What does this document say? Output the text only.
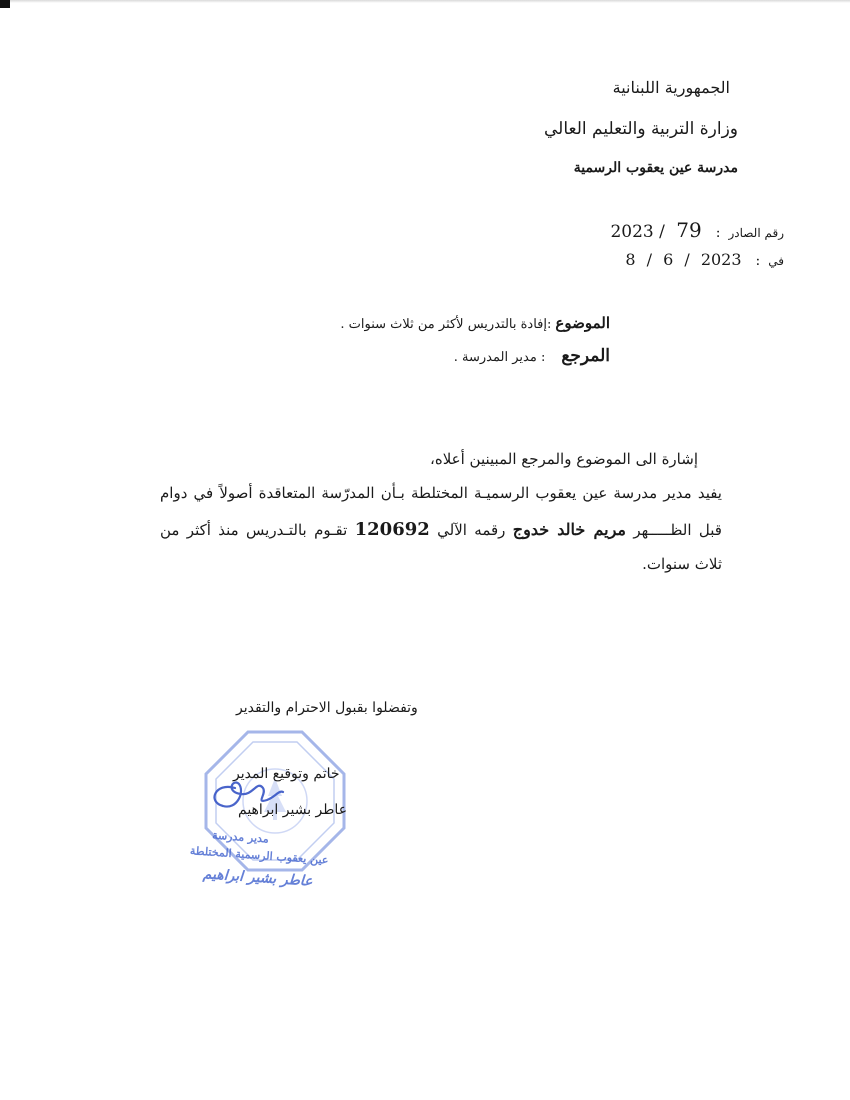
الجمهورية اللبنانية
وزارة التربية والتعليم العالي
مدرسة عين يعقوب الرسمية
رقم الصادر
:
2023 / 79
في
:
8 / 6 / 2023
الموضوع
:إفادة بالتدريس لأكثر من ثلاث سنوات .
المرجع
: مدير المدرسة .
إشارة الى الموضوع والمرجع المبينين أعلاه،
يفيد مدير مدرسة عين يعقوب الرسميـة المختلطة بـأن المدرّسة المتعاقدة أصولاً في دوام
قبل الظـــــهر مريم خالد خدوج رقمه الآلي 120692 تقـوم بالتـدريس منذ أكثر من
ثلاث سنوات.
وتفضلوا بقبول الاحترام والتقدير
مدير مدرسة
عين يعقوب الرسمية المختلطة
عاطر بشير ابراهيم
خاتم وتوقيع المدير
عاطر بشير ابراهيم
